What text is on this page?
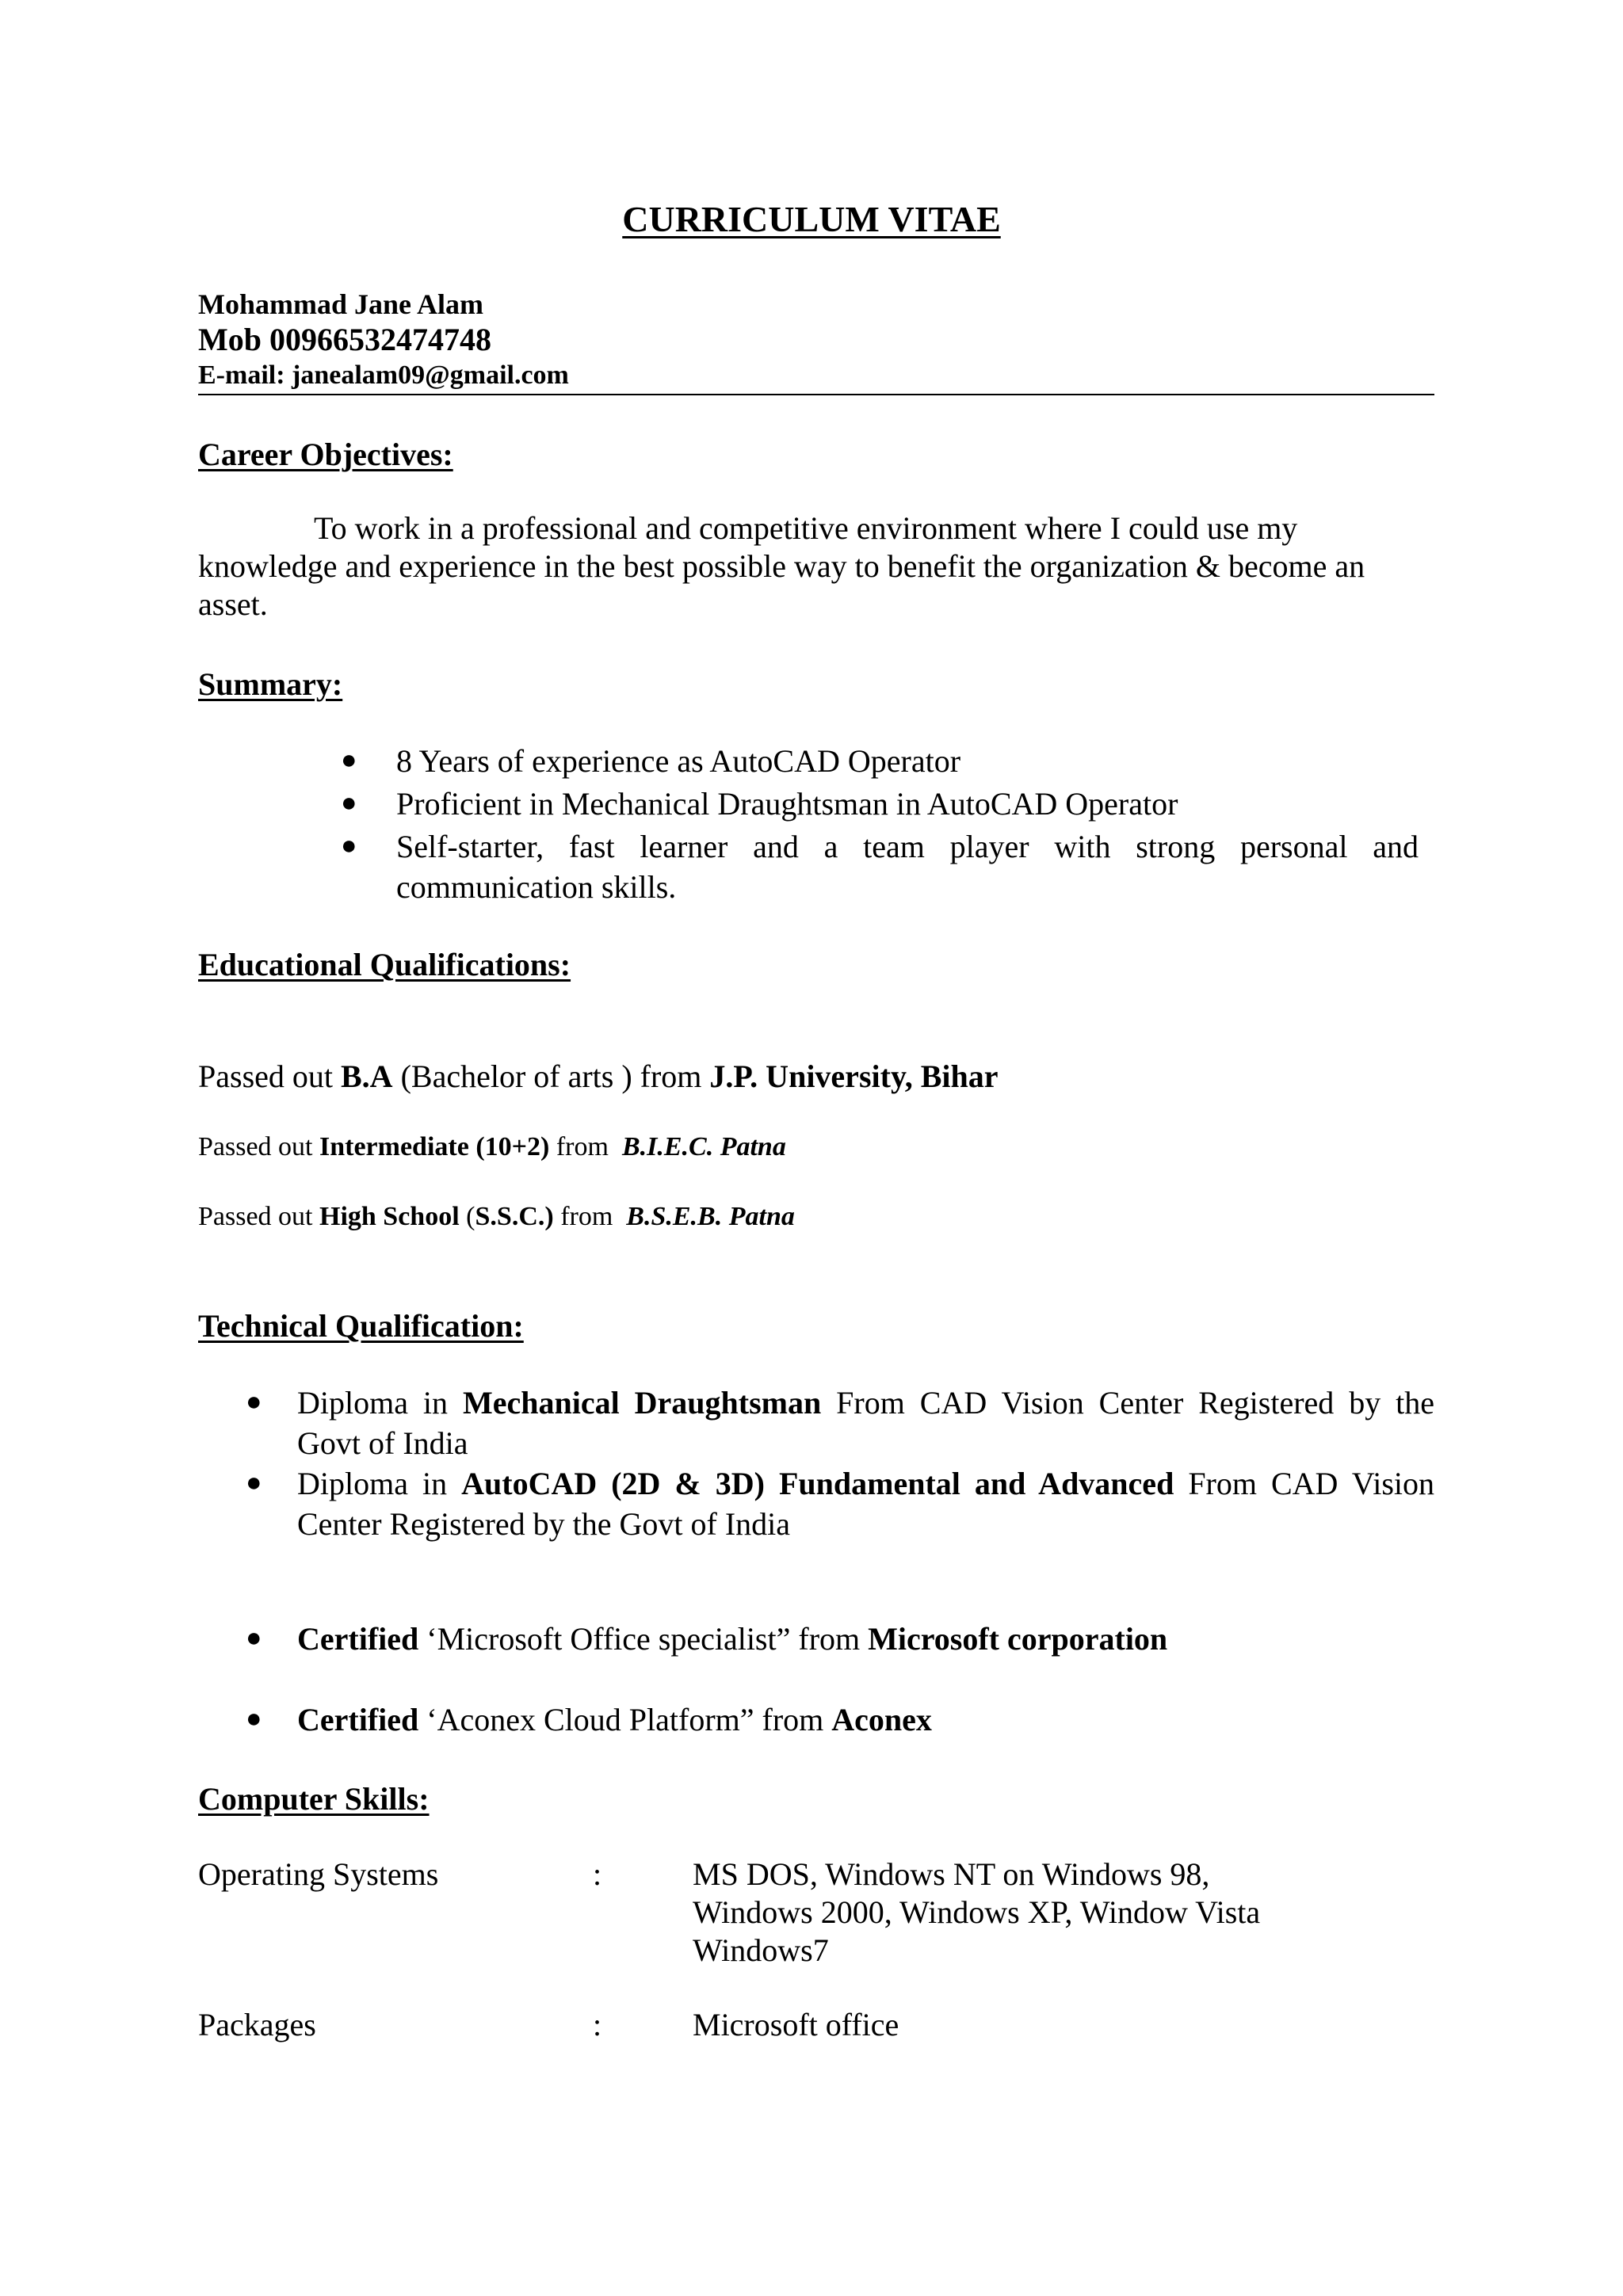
CURRICULUM VITAE
Mohammad Jane Alam
Mob 00966532474748
E-mail: janealam09@gmail.com
Career Objectives:

To work in a professional and competitive environment where I could use my knowledge and experience in the best possible way to benefit the organization & become an asset.

Summary:
● 8 Years of experience as AutoCAD Operator
● Proficient in Mechanical Draughtsman in AutoCAD Operator
● Self-starter, fast learner and a team player with strong personal and communication skills.
Educational Qualifications:
Passed out B.A (Bachelor of arts ) from J.P. University, Bihar
Passed out Intermediate (10+2) from  B.I.E.C. Patna
Passed out High School (S.S.C.) from  B.S.E.B. Patna
Technical Qualification:
● Diploma in Mechanical Draughtsman From CAD Vision Center Registered by the Govt of India
● Diploma in AutoCAD (2D & 3D) Fundamental and Advanced From CAD Vision Center Registered by the Govt of India
● Certified ‘Microsoft Office specialist” from Microsoft corporation
● Certified ‘Aconex Cloud Platform” from Aconex
Computer Skills:
Operating Systems	:	MS DOS, Windows NT on Windows 98,
Windows 2000, Windows XP, Window Vista
Windows7
Packages	:	Microsoft office
